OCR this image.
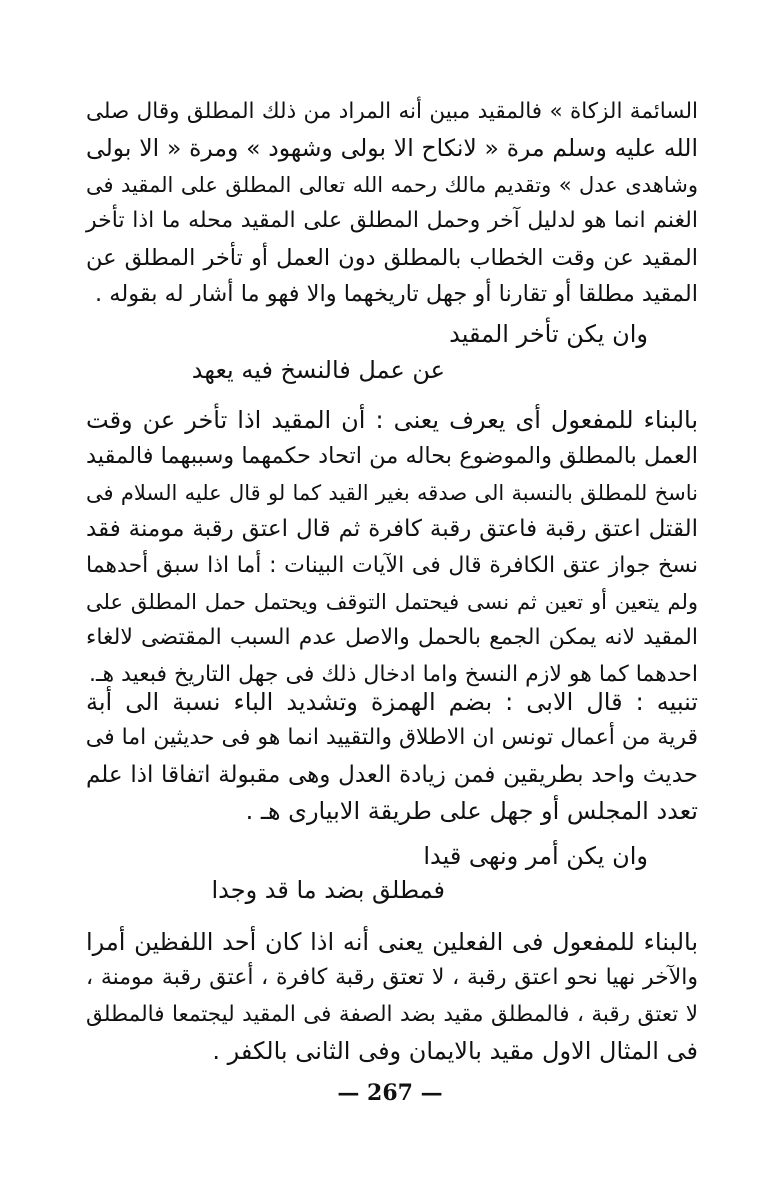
السائمة الزكاة » فالمقيد مبين أنه المراد من ذلك المطلق وقال صلى
الله عليه وسلم مرة « لانكاح الا بولى وشهود » ومرة « الا بولى
وشاهدى عدل » وتقديم مالك رحمه الله تعالى المطلق على المقيد فى
الغنم انما هو لدليل آخر وحمل المطلق على المقيد محله ما اذا تأخر
المقيد عن وقت الخطاب بالمطلق دون العمل أو تأخر المطلق عن
المقيد مطلقا أو تقارنا أو جهل تاريخهما والا فهو ما أشار له بقوله .
وان يكن تأخر المقيد
عن عمل فالنسخ فيه يعهد
بالبناء للمفعول أى يعرف يعنى : أن المقيد اذا تأخر عن وقت
العمل بالمطلق والموضوع بحاله من اتحاد حكمهما وسببهما فالمقيد
ناسخ للمطلق بالنسبة الى صدقه بغير القيد كما لو قال عليه السلام فى
القتل اعتق رقبة فاعتق رقبة كافرة ثم قال اعتق رقبة مومنة فقد
نسخ جواز عتق الكافرة قال فى الآيات البينات : أما اذا سبق أحدهما
ولم يتعين أو تعين ثم نسى فيحتمل التوقف ويحتمل حمل المطلق على
المقيد لانه يمكن الجمع بالحمل والاصل عدم السبب المقتضى لالغاء
احدهما كما هو لازم النسخ واما ادخال ذلك فى جهل التاريخ فبعيد هـ.
تنبيه : قال الابى : بضم الهمزة وتشديد الباء نسبة الى أبة
قرية من أعمال تونس ان الاطلاق والتقييد انما هو فى حديثين اما فى
حديث واحد بطريقين فمن زيادة العدل وهى مقبولة اتفاقا اذا علم
تعدد المجلس أو جهل على طريقة الابيارى هـ .
وان يكن أمر ونهى قيدا
فمطلق بضد ما قد وجدا
بالبناء للمفعول فى الفعلين يعنى أنه اذا كان أحد اللفظين أمرا
والآخر نهيا نحو اعتق رقبة ، لا تعتق رقبة كافرة ، أعتق رقبة مومنة ،
لا تعتق رقبة ، فالمطلق مقيد بضد الصفة فى المقيد ليجتمعا فالمطلق
فى المثال الاول مقيد بالايمان وفى الثانى بالكفر .
— 267 —
